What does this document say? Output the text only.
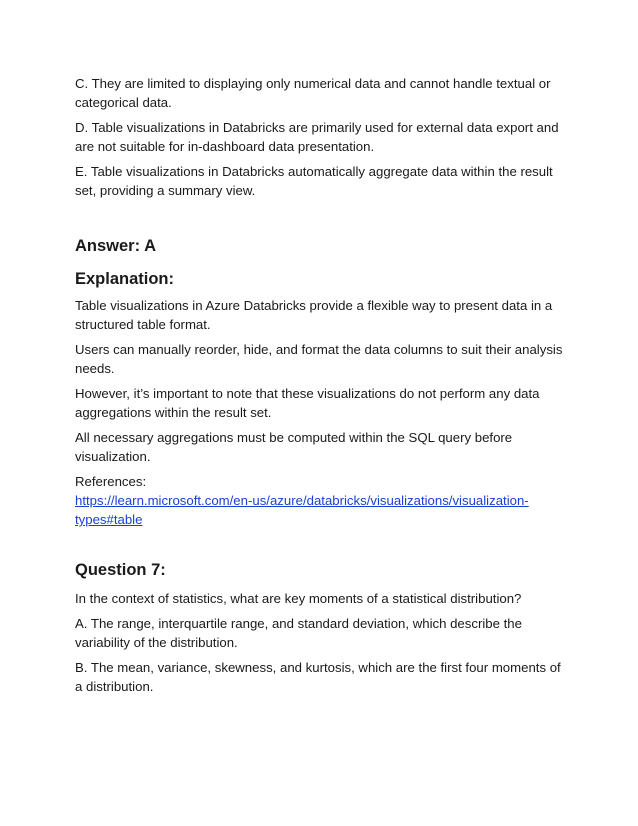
C. They are limited to displaying only numerical data and cannot handle textual or categorical data.

D. Table visualizations in Databricks are primarily used for external data export and are not suitable for in-dashboard data presentation.

E. Table visualizations in Databricks automatically aggregate data within the result set, providing a summary view.

Answer: A
Explanation:

Table visualizations in Azure Databricks provide a flexible way to present data in a structured table format.

Users can manually reorder, hide, and format the data columns to suit their analysis needs.

However, it’s important to note that these visualizations do not perform any data aggregations within the result set.

All necessary aggregations must be computed within the SQL query before visualization.

References:
https://learn.microsoft.com/en-us/azure/databricks/visualizations/visualization-types#table

Question 7:

In the context of statistics, what are key moments of a statistical distribution?

A. The range, interquartile range, and standard deviation, which describe the variability of the distribution.

B. The mean, variance, skewness, and kurtosis, which are the first four moments of a distribution.
